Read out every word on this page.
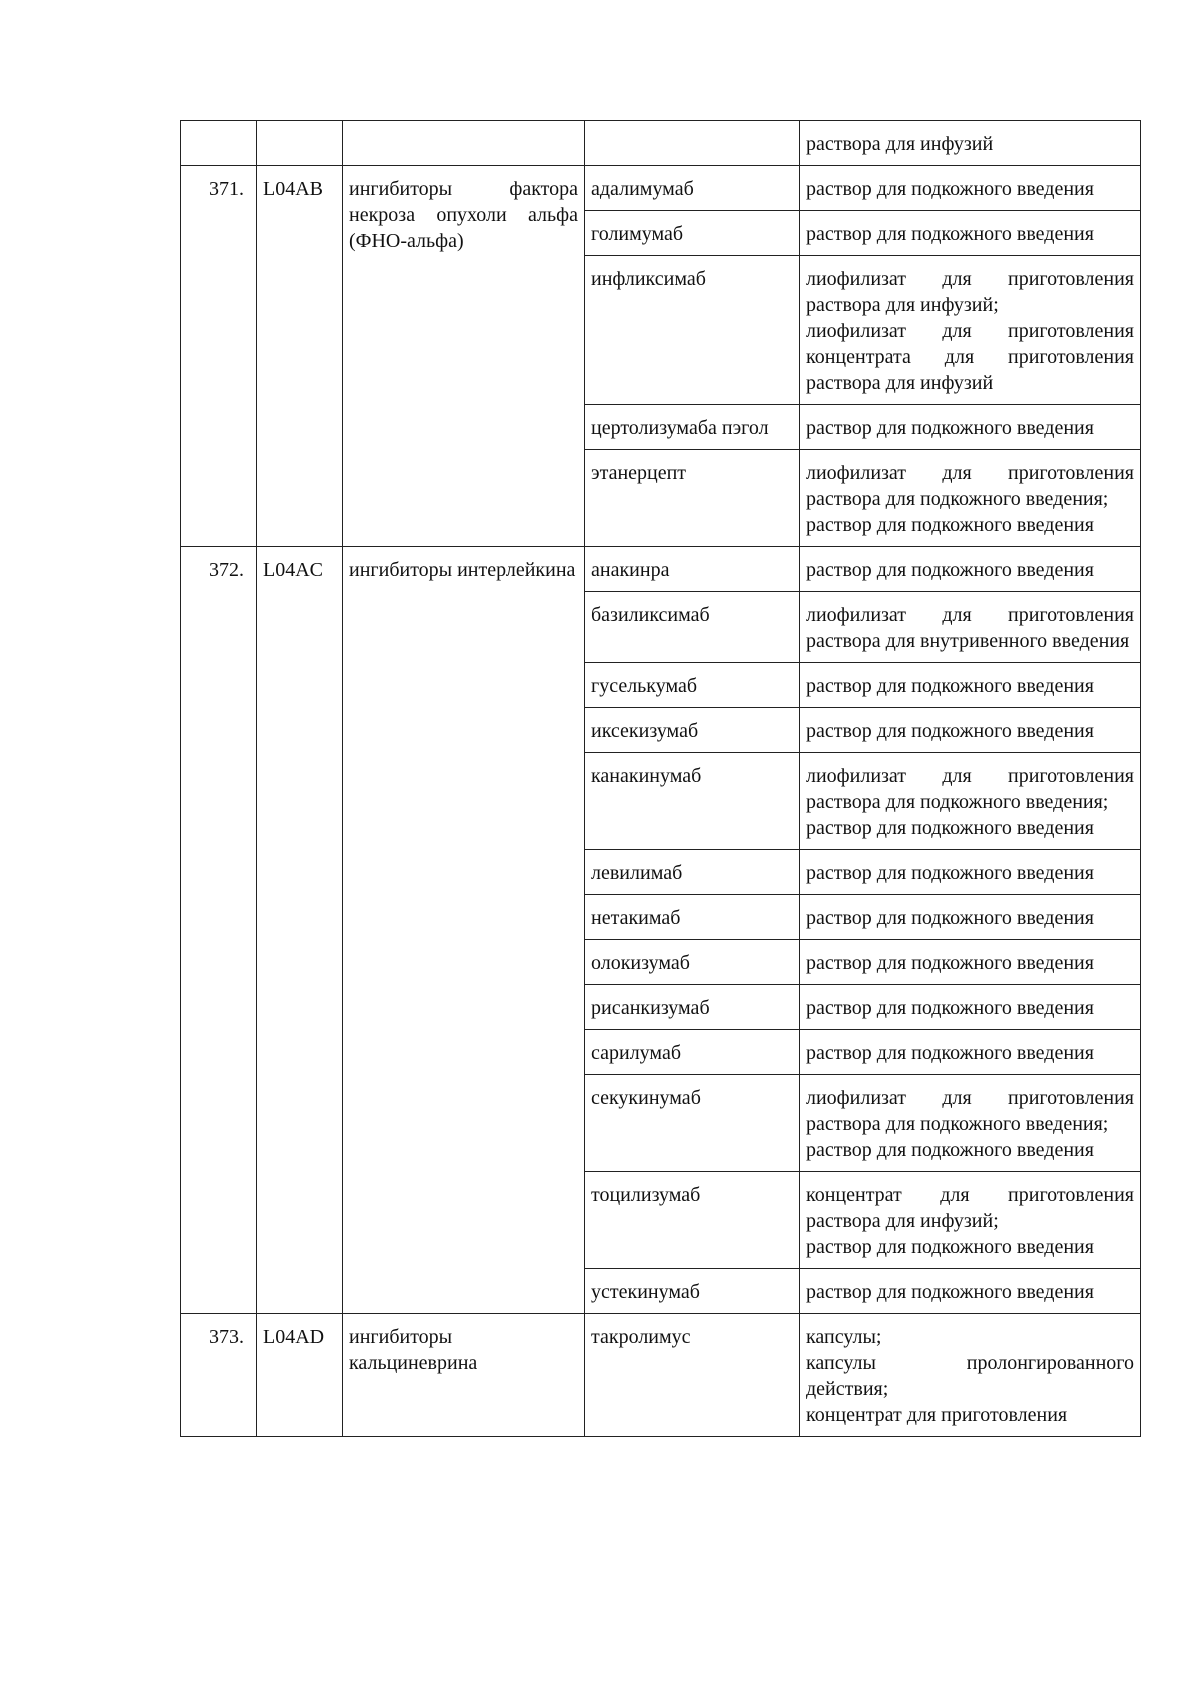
				раствора для инфузий

371.	L04AB	ингибиторы фактора некроза опухоли альфа (ФНО-альфа)	адалимумаб	раствор для подкожного введения

			голимумаб	раствор для подкожного введения

			инфликсимаб	лиофилизат для приготовления раствора для инфузий;
лиофилизат для приготовления концентрата для приготовления раствора для инфузий

			цертолизумаба пэгол	раствор для подкожного введения

			этанерцепт	лиофилизат для приготовления раствора для подкожного введения;
раствор для подкожного введения

372.	L04AC	ингибиторы интерлейкина	анакинра	раствор для подкожного введения

			базиликсимаб	лиофилизат для приготовления раствора для внутривенного введения

			гуселькумаб	раствор для подкожного введения

			иксекизумаб	раствор для подкожного введения

			канакинумаб	лиофилизат для приготовления раствора для подкожного введения;
раствор для подкожного введения

			левилимаб	раствор для подкожного введения

			нетакимаб	раствор для подкожного введения

			олокизумаб	раствор для подкожного введения

			рисанкизумаб	раствор для подкожного введения

			сарилумаб	раствор для подкожного введения

			секукинумаб	лиофилизат для приготовления раствора для подкожного введения;
раствор для подкожного введения

			тоцилизумаб	концентрат для приготовления раствора для инфузий;
раствор для подкожного введения

			устекинумаб	раствор для подкожного введения

373.	L04AD	ингибиторы кальциневрина	такролимус	капсулы;
капсулы пролонгированного действия;
концентрат для приготовления
